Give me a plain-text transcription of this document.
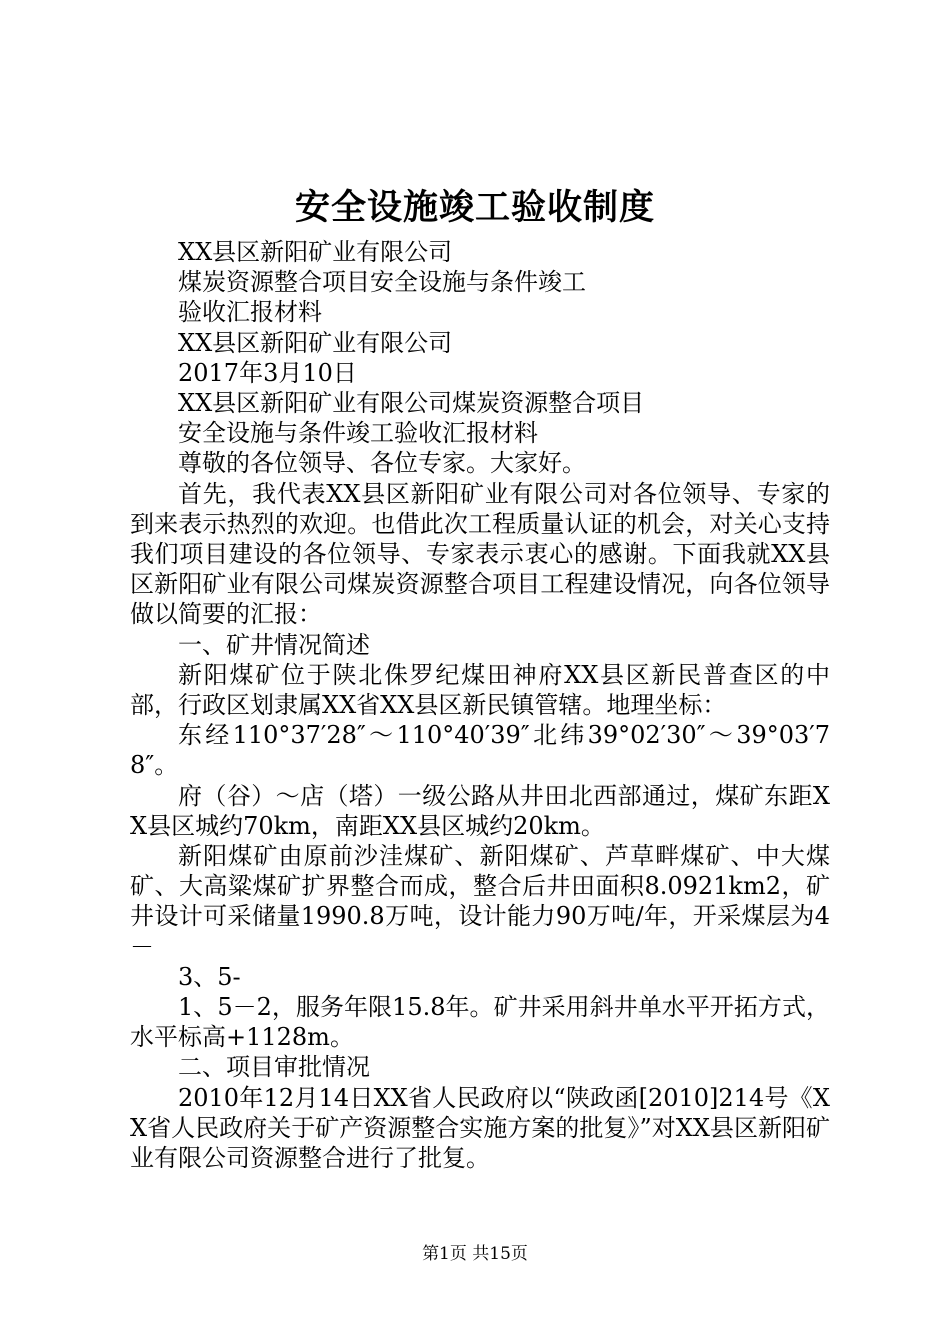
安全设施竣工验收制度

XX县区新阳矿业有限公司

煤炭资源整合项目安全设施与条件竣工

验收汇报材料

XX县区新阳矿业有限公司

2017年3月10日

XX县区新阳矿业有限公司煤炭资源整合项目

安全设施与条件竣工验收汇报材料

尊敬的各位领导、各位专家。大家好。

首先，我代表XX县区新阳矿业有限公司对各位领导、专家的到来表示热烈的欢迎。也借此次工程质量认证的机会，对关心支持我们项目建设的各位领导、专家表示衷心的感谢。下面我就XX县区新阳矿业有限公司煤炭资源整合项目工程建设情况，向各位领导做以简要的汇报：

一、矿井情况简述

新阳煤矿位于陕北侏罗纪煤田神府XX县区新民普查区的中部，行政区划隶属XX省XX县区新民镇管辖。地理坐标：

东经110°37′28″～110°40′39″北纬39°02′30″～39°03′78″。

府（谷）～店（塔）一级公路从井田北西部通过，煤矿东距XX县区城约70km，南距XX县区城约20km。

新阳煤矿由原前沙洼煤矿、新阳煤矿、芦草畔煤矿、中大煤矿、大高粱煤矿扩界整合而成，整合后井田面积8.0921km2，矿井设计可采储量1990.8万吨，设计能力90万吨/年，开采煤层为4－

3、5-

1、5－2，服务年限15.8年。矿井采用斜井单水平开拓方式，水平标高+1128m。

二、项目审批情况

2010年12月14日XX省人民政府以“陕政函[2010]214号《XX省人民政府关于矿产资源整合实施方案的批复》”对XX县区新阳矿业有限公司资源整合进行了批复。

第1页 共15页
